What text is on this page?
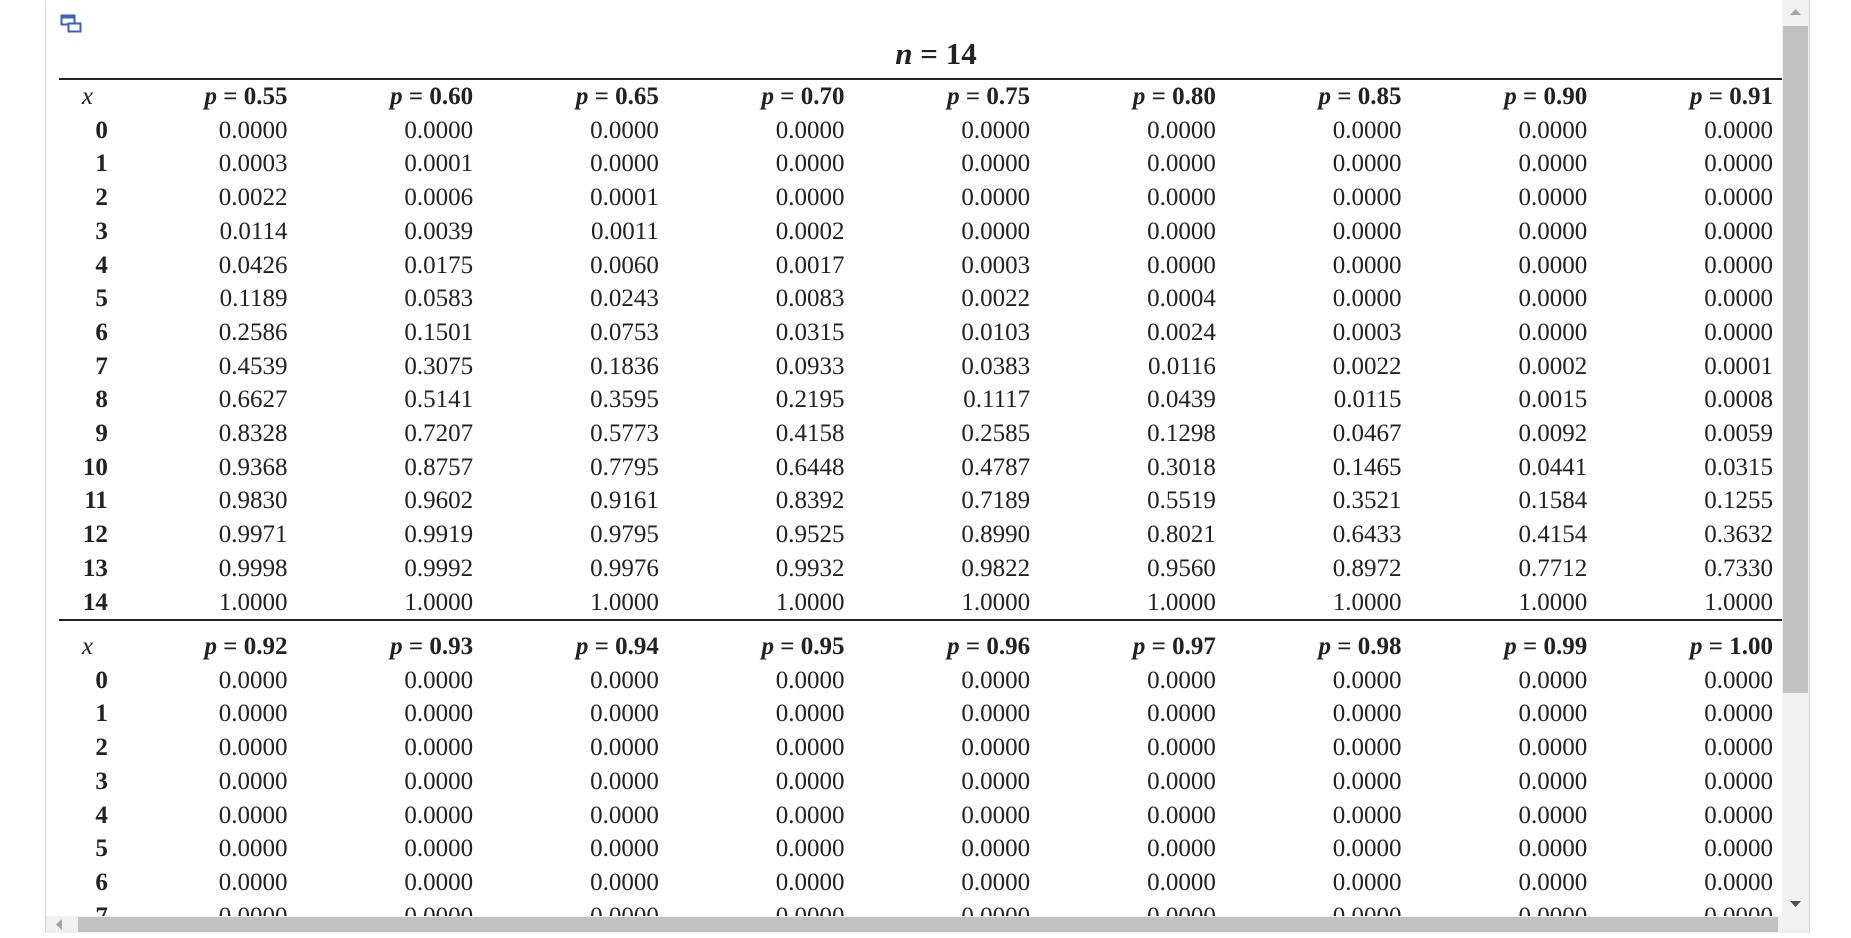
n = 14
x	p = 0.55	p = 0.60	p = 0.65	p = 0.70	p = 0.75	p = 0.80	p = 0.85	p = 0.90	p = 0.91
0	0.0000	0.0000	0.0000	0.0000	0.0000	0.0000	0.0000	0.0000	0.0000
1	0.0003	0.0001	0.0000	0.0000	0.0000	0.0000	0.0000	0.0000	0.0000
2	0.0022	0.0006	0.0001	0.0000	0.0000	0.0000	0.0000	0.0000	0.0000
3	0.0114	0.0039	0.0011	0.0002	0.0000	0.0000	0.0000	0.0000	0.0000
4	0.0426	0.0175	0.0060	0.0017	0.0003	0.0000	0.0000	0.0000	0.0000
5	0.1189	0.0583	0.0243	0.0083	0.0022	0.0004	0.0000	0.0000	0.0000
6	0.2586	0.1501	0.0753	0.0315	0.0103	0.0024	0.0003	0.0000	0.0000
7	0.4539	0.3075	0.1836	0.0933	0.0383	0.0116	0.0022	0.0002	0.0001
8	0.6627	0.5141	0.3595	0.2195	0.1117	0.0439	0.0115	0.0015	0.0008
9	0.8328	0.7207	0.5773	0.4158	0.2585	0.1298	0.0467	0.0092	0.0059
10	0.9368	0.8757	0.7795	0.6448	0.4787	0.3018	0.1465	0.0441	0.0315
11	0.9830	0.9602	0.9161	0.8392	0.7189	0.5519	0.3521	0.1584	0.1255
12	0.9971	0.9919	0.9795	0.9525	0.8990	0.8021	0.6433	0.4154	0.3632
13	0.9998	0.9992	0.9976	0.9932	0.9822	0.9560	0.8972	0.7712	0.7330
14	1.0000	1.0000	1.0000	1.0000	1.0000	1.0000	1.0000	1.0000	1.0000
x	p = 0.92	p = 0.93	p = 0.94	p = 0.95	p = 0.96	p = 0.97	p = 0.98	p = 0.99	p = 1.00
0	0.0000	0.0000	0.0000	0.0000	0.0000	0.0000	0.0000	0.0000	0.0000
1	0.0000	0.0000	0.0000	0.0000	0.0000	0.0000	0.0000	0.0000	0.0000
2	0.0000	0.0000	0.0000	0.0000	0.0000	0.0000	0.0000	0.0000	0.0000
3	0.0000	0.0000	0.0000	0.0000	0.0000	0.0000	0.0000	0.0000	0.0000
4	0.0000	0.0000	0.0000	0.0000	0.0000	0.0000	0.0000	0.0000	0.0000
5	0.0000	0.0000	0.0000	0.0000	0.0000	0.0000	0.0000	0.0000	0.0000
6	0.0000	0.0000	0.0000	0.0000	0.0000	0.0000	0.0000	0.0000	0.0000
